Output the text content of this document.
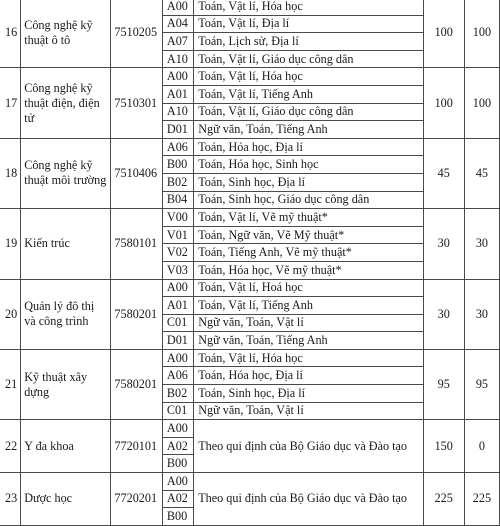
16	Công nghệ kỹ thuật ô tô	7510205	A00	Toán, Vật lí, Hóa học	100	100
			A04	Toán, Vật lí, Địa lí		
			A07	Toán, Lịch sử, Địa lí		
			A10	Toán, Vật lí, Giáo dục công dân		
17	Công nghệ kỹ thuật điện, điện tử	7510301	A00	Toán, Vật lí, Hóa học	100	100
			A01	Toán, Vật lí, Tiếng Anh		
			A10	Toán, Vật lí, Giáo dục công dân		
			D01	Ngữ văn, Toán, Tiếng Anh		
18	Công nghệ kỹ thuật môi trường	7510406	A06	Toán, Hóa học, Địa lí	45	45
			B00	Toán, Hóa học, Sinh học		
			B02	Toán, Sinh học, Địa lí		
			B04	Toán, Sinh học, Giáo dục công dân		
19	Kiến trúc	7580101	V00	Toán, Vật lí, Vẽ mỹ thuật*	30	30
			V01	Toán, Ngữ văn, Vẽ Mỹ thuật*		
			V02	Toán, Tiếng Anh, Vẽ mỹ thuật*		
			V03	Toán, Hóa học, Vẽ mỹ thuật*		
20	Quản lý đô thị và công trình	7580201	A00	Toán, Vật lí, Hoá học	30	30
			A01	Toán, Vật lí, Tiếng Anh		
			C01	Ngữ văn, Toán, Vật lí		
			D01	Ngữ văn, Toán, Tiếng Anh		
21	Kỹ thuật xây dựng	7580201	A00	Toán, Vật lí, Hóa học	95	95
			A06	Toán, Hóa học, Địa lí		
			B02	Toán, Sinh học, Địa lí		
			C01	Ngữ văn, Toán, Vật lí		
22	Y đa khoa	7720101	A00	Theo qui định của Bộ Giáo dục và Đào tạo	150	0
			A02			
			B00			
23	Dược học	7720201	A00	Theo qui định của Bộ Giáo dục và Đào tạo	225	225
			A02			
			B00			
